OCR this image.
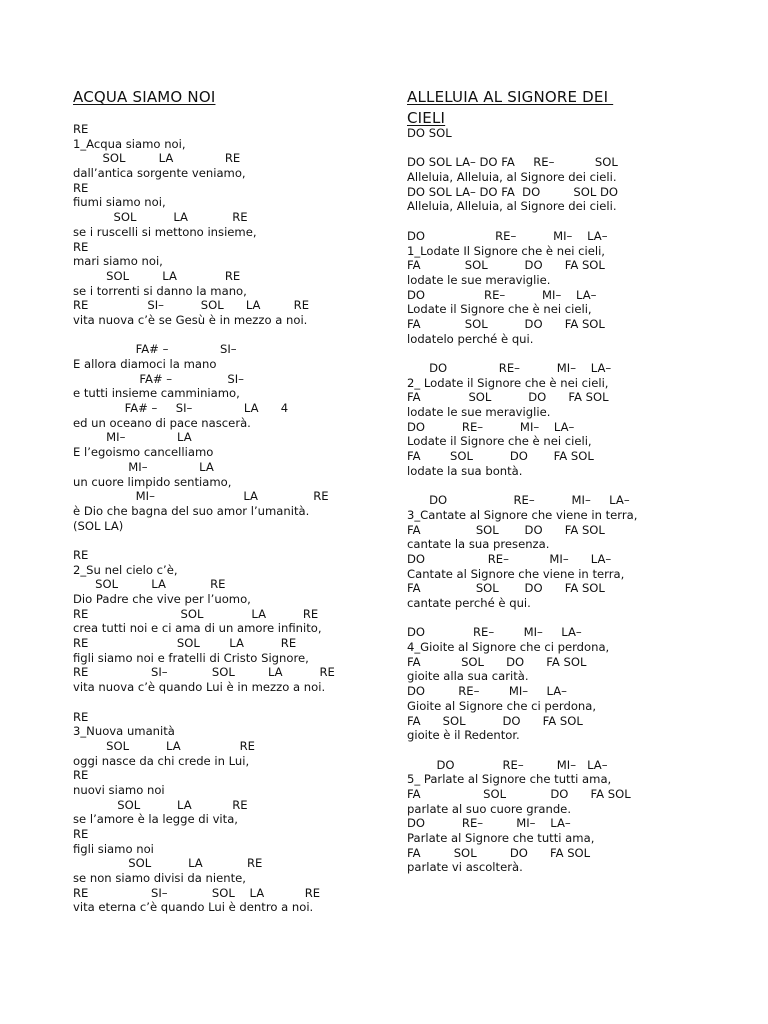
ACQUA SIAMO NOI
RE
1_Acqua siamo noi,
SOL         LA              RE
dall’antica sorgente veniamo,
RE
fiumi siamo noi,
SOL          LA            RE
se i ruscelli si mettono insieme,
RE
mari siamo noi,
SOL         LA             RE
se i torrenti si danno la mano,
RE                SI–          SOL      LA         RE
vita nuova c’è se Gesù è in mezzo a noi.
FA# –              SI–
E allora diamoci la mano
FA# –               SI–
e tutti insieme camminiamo,
FA# –     SI–              LA      4
ed un oceano di pace nascerà.
MI–              LA
E l’egoismo cancelliamo
MI–              LA
un cuore limpido sentiamo,
MI–                        LA               RE
è Dio che bagna del suo amor l’umanità.
(SOL LA)
RE
2_Su nel cielo c’è,
SOL         LA            RE
Dio Padre che vive per l’uomo,
RE                         SOL             LA          RE
crea tutti noi e ci ama di un amore infinito,
RE                        SOL        LA          RE
figli siamo noi e fratelli di Cristo Signore,
RE                 SI–            SOL         LA          RE
vita nuova c’è quando Lui è in mezzo a noi.
RE
3_Nuova umanità
SOL          LA                RE
oggi nasce da chi crede in Lui,
RE
nuovi siamo noi
SOL          LA           RE
se l’amore è la legge di vita,
RE
figli siamo noi
SOL          LA            RE
se non siamo divisi da niente,
RE                 SI–            SOL    LA           RE
vita eterna c’è quando Lui è dentro a noi.
ALLELUIA AL SIGNORE DEI
CIELI
DO SOL
DO SOL LA– DO FA     RE–           SOL
Alleluia, Alleluia, al Signore dei cieli.
DO SOL LA– DO FA  DO         SOL DO
Alleluia, Alleluia, al Signore dei cieli.
DO                   RE–          MI–    LA–
1_Lodate Il Signore che è nei cieli,
FA            SOL          DO      FA SOL
lodate le sue meraviglie.
DO                RE–          MI–    LA–
Lodate il Signore che è nei cieli,
FA            SOL          DO      FA SOL
lodatelo perché è qui.
DO              RE–          MI–    LA–
2_ Lodate il Signore che è nei cieli,
FA             SOL          DO      FA SOL
lodate le sue meraviglie.
DO          RE–          MI–    LA–
Lodate il Signore che è nei cieli,
FA        SOL          DO       FA SOL
lodate la sua bontà.
DO                  RE–          MI–     LA–
3_Cantate al Signore che viene in terra,
FA               SOL       DO      FA SOL
cantate la sua presenza.
DO                 RE–           MI–      LA–
Cantate al Signore che viene in terra,
FA               SOL       DO      FA SOL
cantate perché è qui.
DO             RE–        MI–     LA–
4_Gioite al Signore che ci perdona,
FA           SOL      DO      FA SOL
gioite alla sua carità.
DO         RE–        MI–     LA–
Gioite al Signore che ci perdona,
FA      SOL          DO      FA SOL
gioite è il Redentor.
DO             RE–         MI–   LA–
5_ Parlate al Signore che tutti ama,
FA                 SOL            DO      FA SOL
parlate al suo cuore grande.
DO          RE–         MI–    LA–
Parlate al Signore che tutti ama,
FA         SOL         DO      FA SOL
parlate vi ascolterà.
